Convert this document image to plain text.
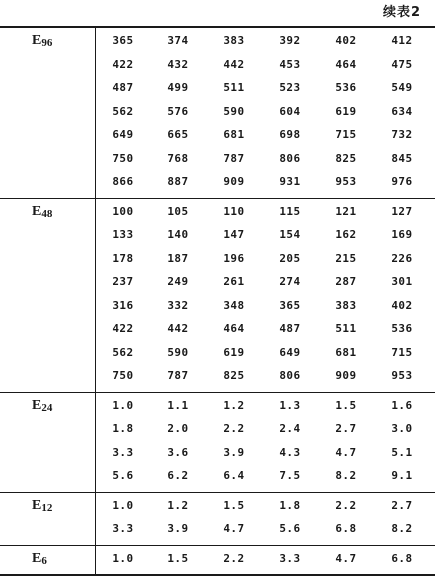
续表2
E96	365	374	383	392	402	412
422	432	442	453	464	475
487	499	511	523	536	549
562	576	590	604	619	634
649	665	681	698	715	732
750	768	787	806	825	845
866	887	909	931	953	976
E48	100	105	110	115	121	127
133	140	147	154	162	169
178	187	196	205	215	226
237	249	261	274	287	301
316	332	348	365	383	402
422	442	464	487	511	536
562	590	619	649	681	715
750	787	825	806	909	953
E24	1.0	1.1	1.2	1.3	1.5	1.6
1.8	2.0	2.2	2.4	2.7	3.0
3.3	3.6	3.9	4.3	4.7	5.1
5.6	6.2	6.4	7.5	8.2	9.1
E12	1.0	1.2	1.5	1.8	2.2	2.7
3.3	3.9	4.7	5.6	6.8	8.2
E6	1.0	1.5	2.2	3.3	4.7	6.8
